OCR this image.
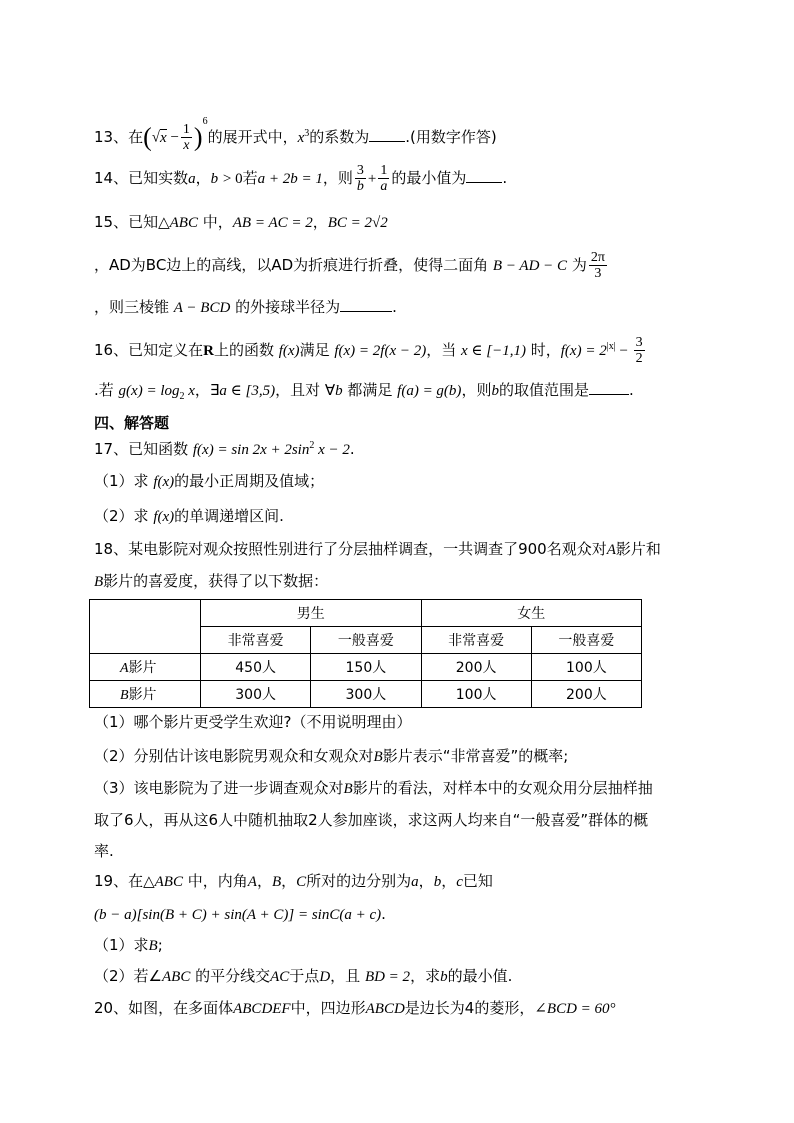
13、在$(√x - \frac{1}{x} )^6$的展开式中，$x^3$的系数为 .(用数字作答)
14、已知实数a，b > 0若a + 2b = 1，则 $\frac{3}{b} + \frac{1}{a}$ 的最小值为 .
15、已知△ABC 中，AB = AC = 2，BC = 2√2
，AD为BC边上的高线，以AD为折痕进行折叠，使得二面角 B − AD − C 为 $\frac{2\pi}{3}$
，则三棱锥 A − BCD 的外接球半径为	.
16、已知定义在R上的函数 f(x)满足 f(x) = 2f(x − 2)，当 x ∈ [−1,1) 时，$f(x) = 2^{|x|} - \frac{3}{2}$
.若 $g(x) = \log_2 x$，∃a ∈ [3,5)，且对 ∀b 都满足 f(a) = g(b)，则b的取值范围是	.
四、解答题
17、已知函数 $f(x) = \sin 2x + 2\sin^2$ x − 2.
（1）求 f(x)的最小正周期及值域；
（2）求 f(x)的单调递增区间.
18、某电影院对观众按照性别进行了分层抽样调查，一共调查了900名观众对A影片和
B影片的喜爱度，获得了以下数据：
	男生		女生	
	非常喜爱	一般喜爱	非常喜爱	一般喜爱
A影片	450人	150人	200人	100人
B影片	300人	300人	100人	200人
（1）哪个影片更受学生欢迎?（不用说明理由）
（2）分别估计该电影院男观众和女观众对B影片表示“非常喜爱”的概率;
（3）该电影院为了进一步调查观众对B影片的看法，对样本中的女观众用分层抽样抽
取了6人，再从这6人中随机抽取2人参加座谈，求这两人均来自“一般喜爱”群体的概
率.
19、在△ABC 中，内角A，B，C所对的边分别为a，b，c已知
(b − a)[sin(B + C) + sin(A + C)] = sinC(a + c).
（1）求B;
（2）若∠ABC 的平分线交AC于点D，且 BD = 2，求b的最小值.
20、如图，在多面体ABCDEF中，四边形ABCD是边长为4的菱形，∠BCD = 60°
